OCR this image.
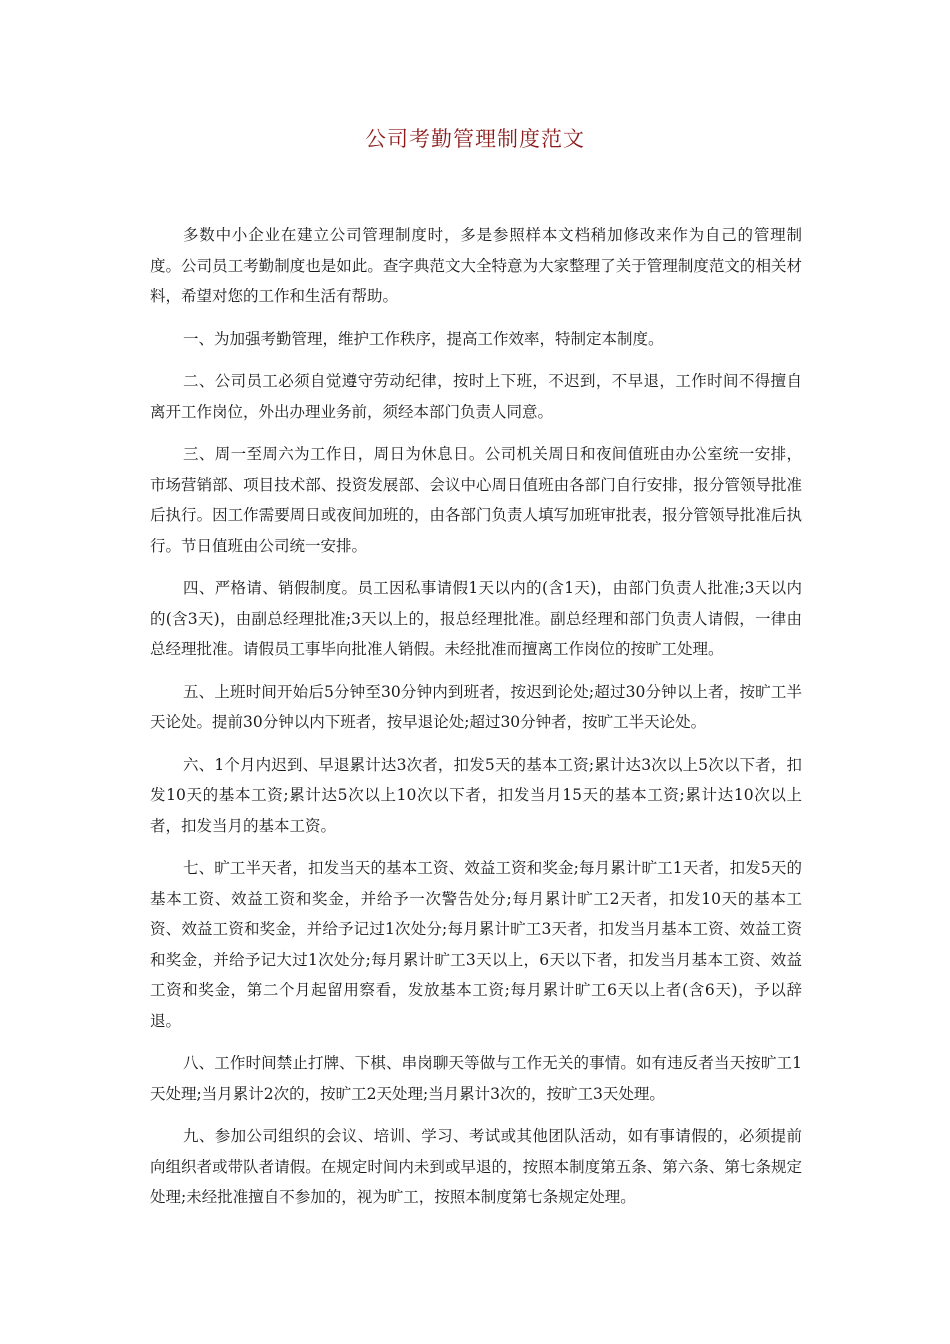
公司考勤管理制度范文

多数中小企业在建立公司管理制度时，多是参照样本文档稍加修改来作为自己的管理制度。公司员工考勤制度也是如此。查字典范文大全特意为大家整理了关于管理制度范文的相关材料，希望对您的工作和生活有帮助。

一、为加强考勤管理，维护工作秩序，提高工作效率，特制定本制度。

二、公司员工必须自觉遵守劳动纪律，按时上下班，不迟到，不早退，工作时间不得擅自离开工作岗位，外出办理业务前，须经本部门负责人同意。

三、周一至周六为工作日，周日为休息日。公司机关周日和夜间值班由办公室统一安排，市场营销部、项目技术部、投资发展部、会议中心周日值班由各部门自行安排，报分管领导批准后执行。因工作需要周日或夜间加班的，由各部门负责人填写加班审批表，报分管领导批准后执行。节日值班由公司统一安排。

四、严格请、销假制度。员工因私事请假1天以内的(含1天)，由部门负责人批准;3天以内的(含3天)，由副总经理批准;3天以上的，报总经理批准。副总经理和部门负责人请假，一律由总经理批准。请假员工事毕向批准人销假。未经批准而擅离工作岗位的按旷工处理。

五、上班时间开始后5分钟至30分钟内到班者，按迟到论处;超过30分钟以上者，按旷工半天论处。提前30分钟以内下班者，按早退论处;超过30分钟者，按旷工半天论处。

六、1个月内迟到、早退累计达3次者，扣发5天的基本工资;累计达3次以上5次以下者，扣发10天的基本工资;累计达5次以上10次以下者，扣发当月15天的基本工资;累计达10次以上者，扣发当月的基本工资。

七、旷工半天者，扣发当天的基本工资、效益工资和奖金;每月累计旷工1天者，扣发5天的基本工资、效益工资和奖金，并给予一次警告处分;每月累计旷工2天者，扣发10天的基本工资、效益工资和奖金，并给予记过1次处分;每月累计旷工3天者，扣发当月基本工资、效益工资和奖金，并给予记大过1次处分;每月累计旷工3天以上，6天以下者，扣发当月基本工资、效益工资和奖金，第二个月起留用察看，发放基本工资;每月累计旷工6天以上者(含6天)，予以辞退。

八、工作时间禁止打牌、下棋、串岗聊天等做与工作无关的事情。如有违反者当天按旷工1天处理;当月累计2次的，按旷工2天处理;当月累计3次的，按旷工3天处理。

九、参加公司组织的会议、培训、学习、考试或其他团队活动，如有事请假的，必须提前向组织者或带队者请假。在规定时间内未到或早退的，按照本制度第五条、第六条、第七条规定处理;未经批准擅自不参加的，视为旷工，按照本制度第七条规定处理。
